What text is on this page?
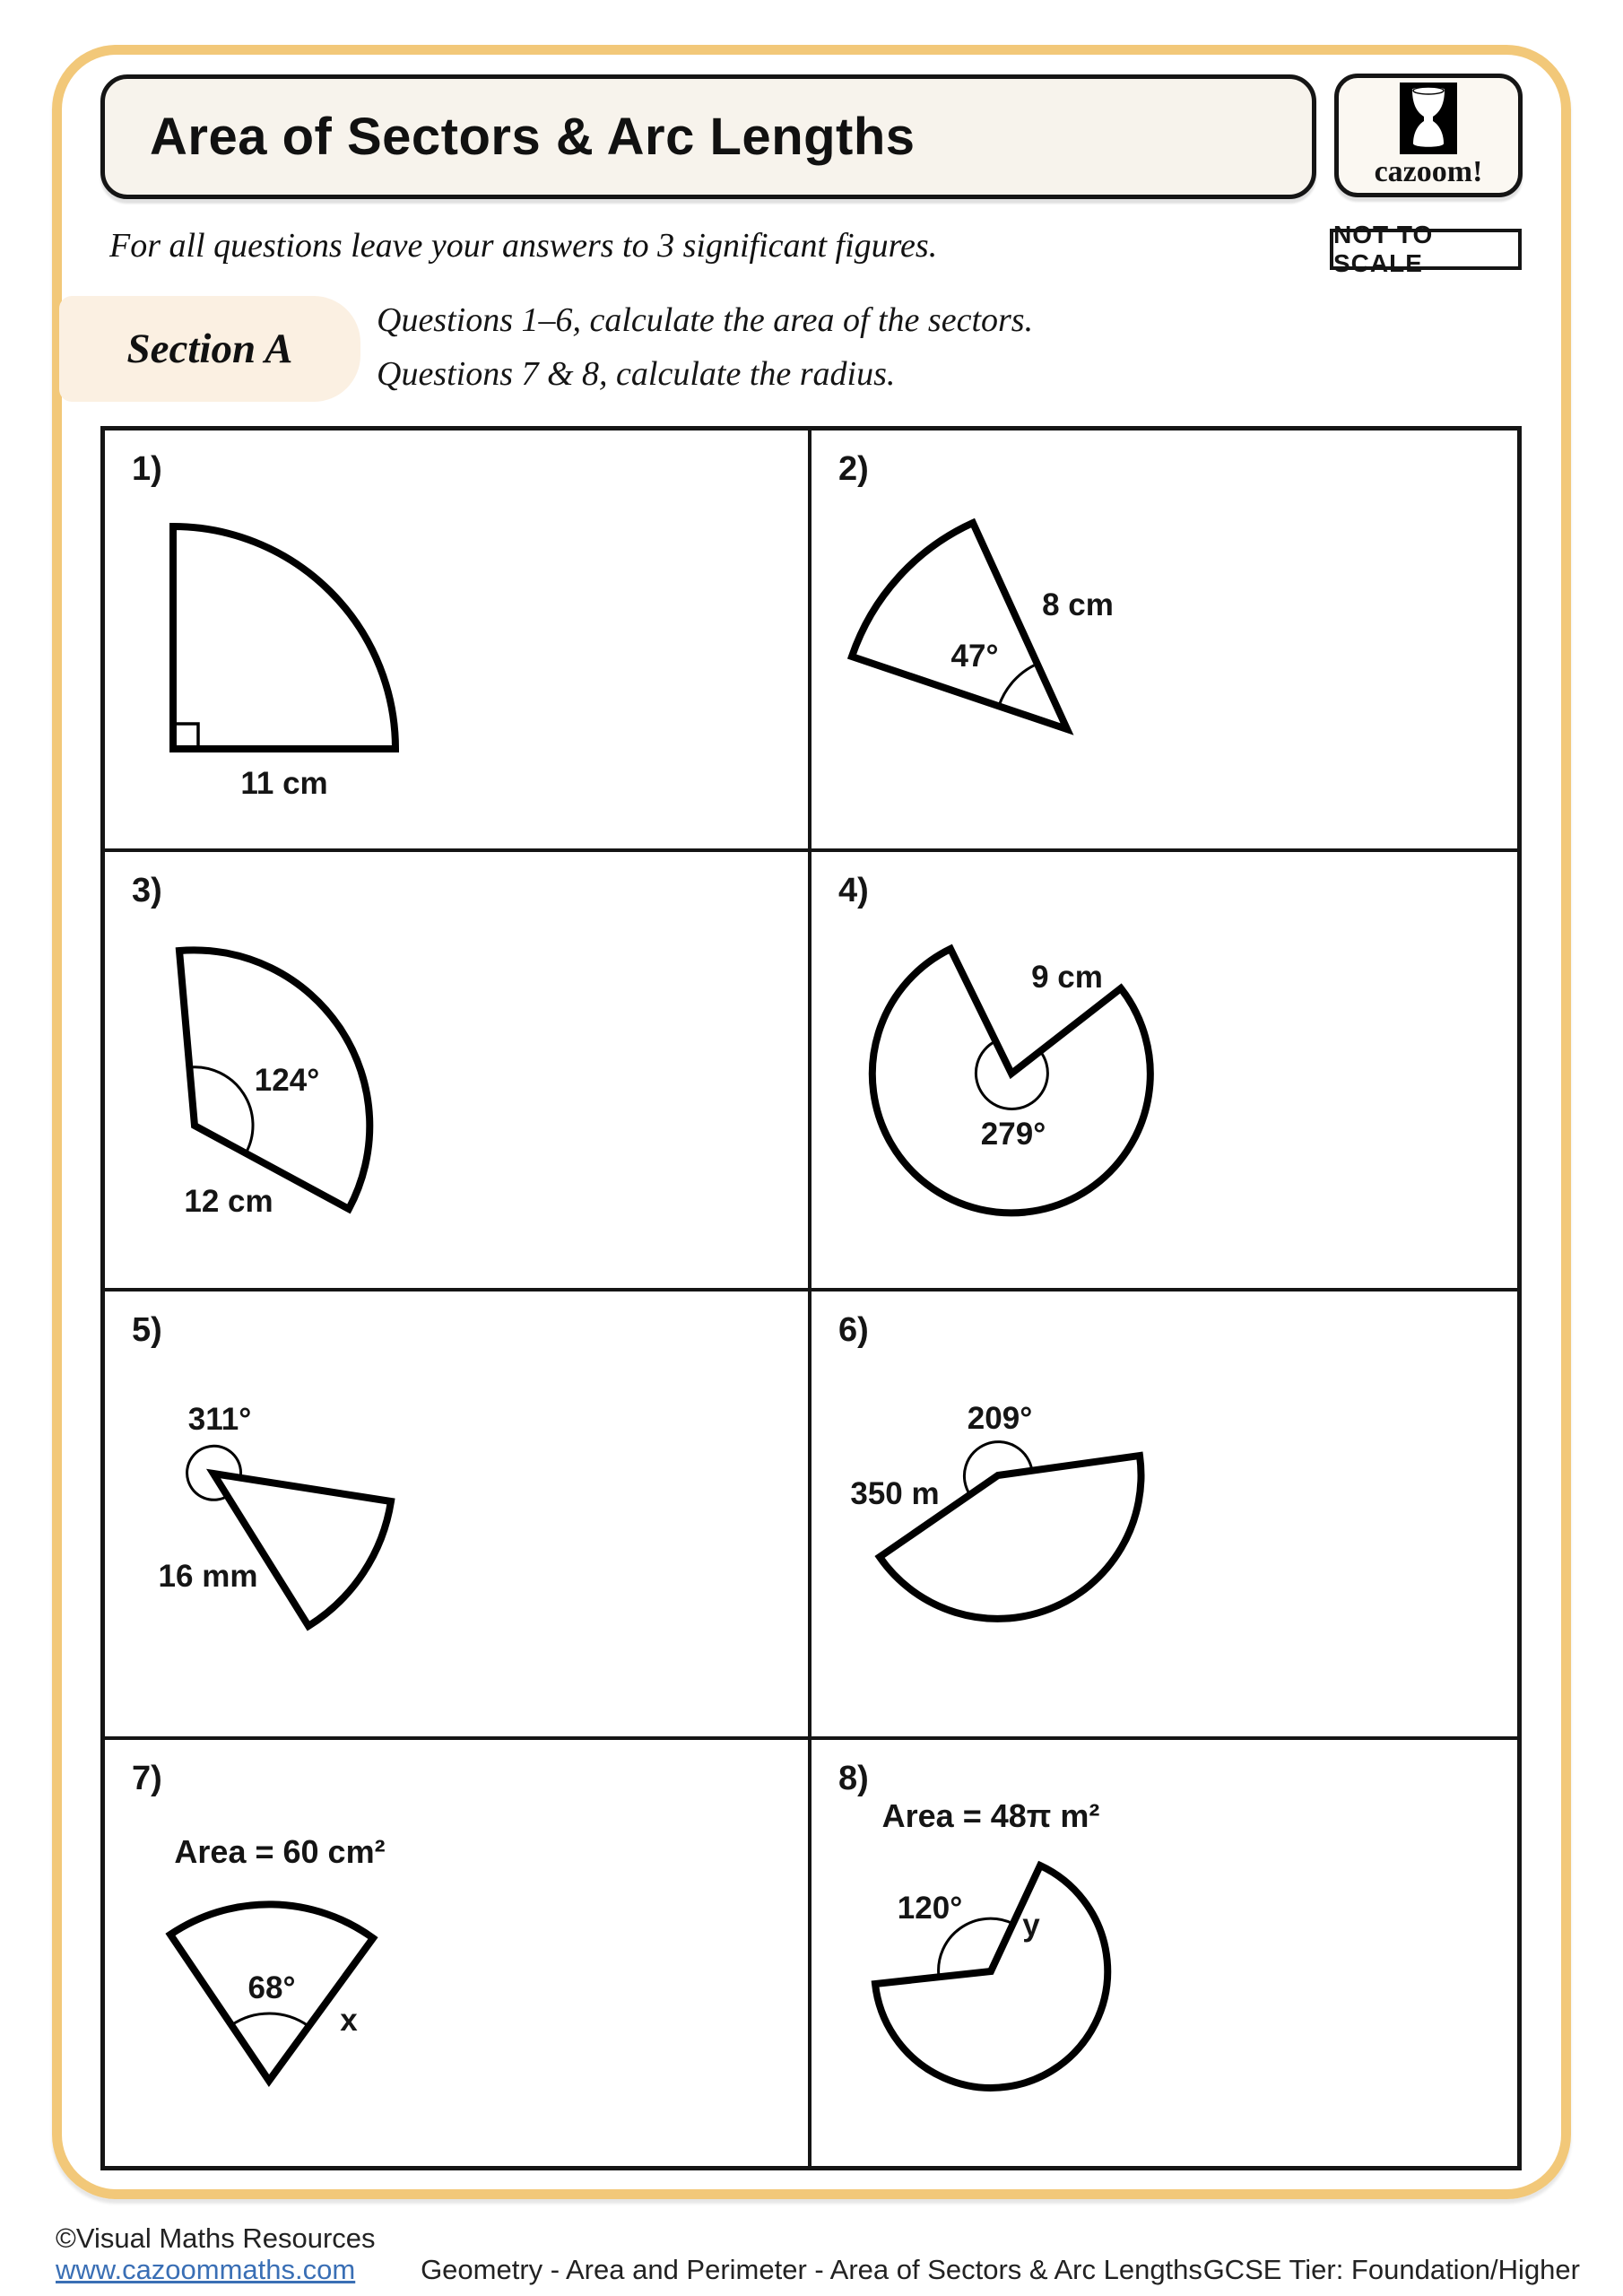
Area of Sectors & Arc Lengths
cazoom!
For all questions leave your answers to 3 significant figures.	NOT TO SCALE
Section A
Questions 1–6, calculate the area of the sectors.
Questions 7 & 8, calculate the radius.
1)
11 cm
2)
47°
8 cm
3)
124°
12 cm
4)
9 cm
279°
5)
311°
16 mm
6)
209°
350 m
7)
Area = 60 cm²
68°
x
8)
Area = 48π m²
120° y
©Visual Maths Resources
www.cazoommaths.com Geometry - Area and Perimeter - Area of Sectors & Arc Lengths GCSE Tier: Foundation/Higher
